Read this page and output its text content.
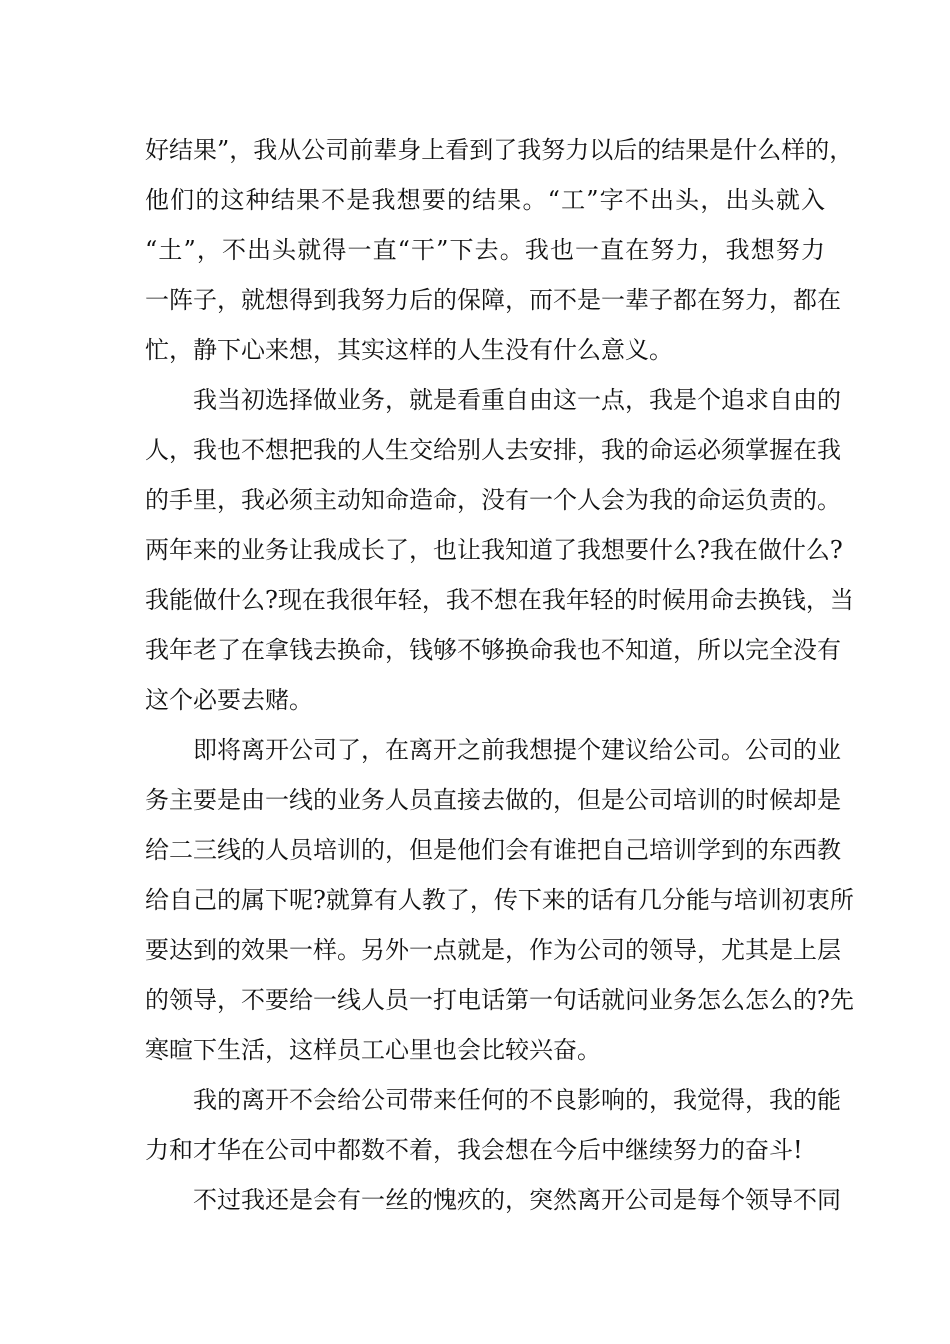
好结果”，我从公司前辈身上看到了我努力以后的结果是什么样的，
他们的这种结果不是我想要的结果。“工”字不出头，出头就入
“土”，不出头就得一直“干”下去。我也一直在努力，我想努力
一阵子，就想得到我努力后的保障，而不是一辈子都在努力，都在
忙，静下心来想，其实这样的人生没有什么意义。
　　我当初选择做业务，就是看重自由这一点，我是个追求自由的
人，我也不想把我的人生交给别人去安排，我的命运必须掌握在我
的手里，我必须主动知命造命，没有一个人会为我的命运负责的。
两年来的业务让我成长了，也让我知道了我想要什么?我在做什么?
我能做什么?现在我很年轻，我不想在我年轻的时候用命去换钱，当
我年老了在拿钱去换命，钱够不够换命我也不知道，所以完全没有
这个必要去赌。
　　即将离开公司了，在离开之前我想提个建议给公司。公司的业
务主要是由一线的业务人员直接去做的，但是公司培训的时候却是
给二三线的人员培训的，但是他们会有谁把自己培训学到的东西教
给自己的属下呢?就算有人教了，传下来的话有几分能与培训初衷所
要达到的效果一样。另外一点就是，作为公司的领导，尤其是上层
的领导，不要给一线人员一打电话第一句话就问业务怎么怎么的?先
寒暄下生活，这样员工心里也会比较兴奋。
　　我的离开不会给公司带来任何的不良影响的，我觉得，我的能
力和才华在公司中都数不着，我会想在今后中继续努力的奋斗!
　　不过我还是会有一丝的愧疚的，突然离开公司是每个领导不同
